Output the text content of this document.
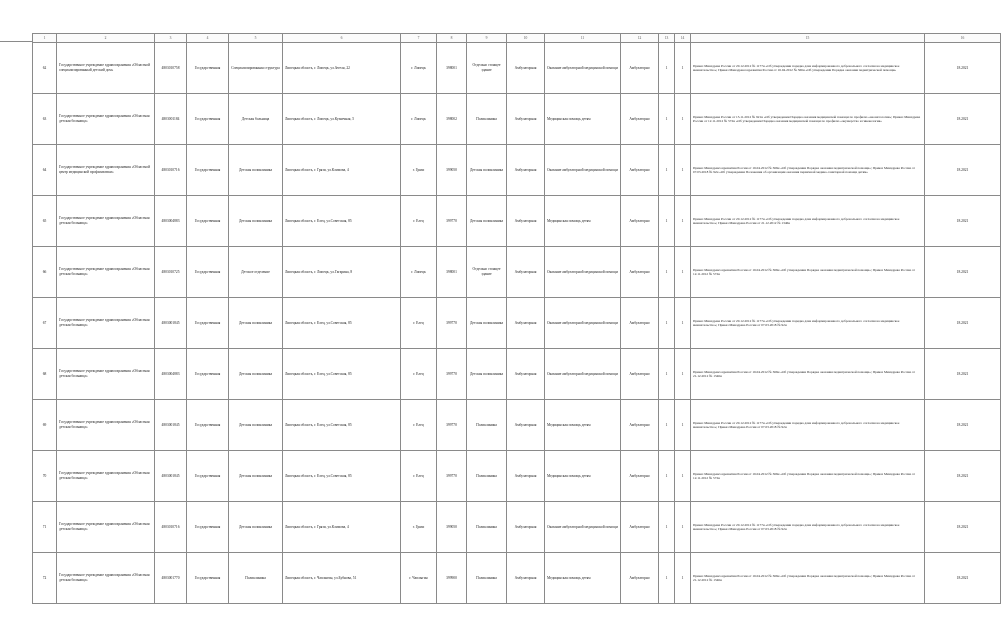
1	2	3	4	5	6	7	8	9	10	11	12	13	14	15	16
62	Государственное учреждение здравоохранения «Областной специализированный детский дом»	4803010758	Государственная	Специализированная структура	Липецкая область, г. Липецк, ул.Зегеля, 22	г. Липецк	398001	Отдельно стоящее здание	Амбулаторная	Оказание амбулаторной медицинской помощи	Амбулаторно	1	1	Приказ Минздрава России от 20.12.2012 № 1177н «Об утверждении порядка дачи информированного добровольного согласия на медицинское вмешательство»; Приказ Минздравсоцразвития России от 16.04.2012 № 366н «Об утверждении Порядка оказания педиатрической помощи»	18.2021
63	Государственное учреждение здравоохранения «Областная детская больница»	4803001184	Государственная	Детская больница	Липецкая область, г. Липецк, ул.Кузнечная, 5	г. Липецк	398002	Поликлиника	Амбулаторная	Медицинская помощь детям	Амбулаторно	1	1	Приказ Минздрава России от 15.11.2012 № 921н «Об утверждении Порядка оказания медицинской помощи по профилю «неонатология»; Приказ Минздрава России от 12.11.2012 № 572н «Об утверждении Порядка оказания медицинской помощи по профилю «акушерство и гинекология»	18.2021
64	Государственное учреждение здравоохранения «Областной центр медицинской профилактики»	4803010716	Государственная	Детская поликлиника	Липецкая область, г. Грязи, ул.Климова, 4	г. Грязи	399050	Детская поликлиника	Амбулаторная	Оказание амбулаторной медицинской помощи	Амбулаторно	1	1	Приказ Минздравсоцразвития России от 16.04.2012 № 366н «Об утверждении Порядка оказания педиатрической помощи»; Приказ Минздрава России от 07.03.2018 № 92н «Об утверждении Положения об организации оказания первичной медико-санитарной помощи детям»	18.2021
65	Государственное учреждение здравоохранения «Областная детская больница»	4803004883	Государственная	Детская поликлиника	Липецкая область, г. Елец, ул.Советская, 85	г. Елец	399770	Детская поликлиника	Амбулаторная	Медицинская помощь детям	Амбулаторно	1	1	Приказ Минздрава России от 20.12.2012 № 1177н «Об утверждении порядка дачи информированного добровольного согласия на медицинское вмешательство»; Приказ Минздрава России от 21.12.2012 № 1346н	18.2021
66	Государственное учреждение здравоохранения «Областная детская больница»	4803010725	Государственная	Детское отделение	Липецкая область, г. Липецк, ул.Гагарина, 8	г. Липецк	398001	Отдельно стоящее здание	Амбулаторная	Оказание амбулаторной медицинской помощи	Амбулаторно	1	1	Приказ Минздравсоцразвития России от 16.04.2012 № 366н «Об утверждении Порядка оказания педиатрической помощи»; Приказ Минздрава России от 12.11.2012 № 572н	18.2021
67	Государственное учреждение здравоохранения «Областная детская больница»	4803001845	Государственная	Детская поликлиника	Липецкая область, г. Елец, ул.Советская, 85	г. Елец	399770	Детская поликлиника	Амбулаторная	Оказание амбулаторной медицинской помощи	Амбулаторно	1	1	Приказ Минздрава России от 20.12.2012 № 1177н «Об утверждении порядка дачи информированного добровольного согласия на медицинское вмешательство»; Приказ Минздрава России от 07.03.2018 № 92н	18.2021
68	Государственное учреждение здравоохранения «Областная детская больница»	4803004883	Государственная	Детская поликлиника	Липецкая область, г. Елец, ул.Советская, 85	г. Елец	399770	Детская поликлиника	Амбулаторная	Оказание амбулаторной медицинской помощи	Амбулаторно	1	1	Приказ Минздравсоцразвития России от 16.04.2012 № 366н «Об утверждении Порядка оказания педиатрической помощи»; Приказ Минздрава России от 21.12.2012 № 1346н	18.2021
69	Государственное учреждение здравоохранения «Областная детская больница»	4803001845	Государственная	Детская поликлиника	Липецкая область, г. Елец, ул.Советская, 85	г. Елец	399770	Поликлиника	Амбулаторная	Медицинская помощь детям	Амбулаторно	1	1	Приказ Минздрава России от 20.12.2012 № 1177н «Об утверждении порядка дачи информированного добровольного согласия на медицинское вмешательство»; Приказ Минздрава России от 07.03.2018 № 92н	18.2021
70	Государственное учреждение здравоохранения «Областная детская больница»	4803001845	Государственная	Детская поликлиника	Липецкая область, г. Елец, ул.Советская, 85	г. Елец	399770	Поликлиника	Амбулаторная	Медицинская помощь детям	Амбулаторно	1	1	Приказ Минздравсоцразвития России от 16.04.2012 № 366н «Об утверждении Порядка оказания педиатрической помощи»; Приказ Минздрава России от 12.11.2012 № 572н	18.2021
71	Государственное учреждение здравоохранения «Областная детская больница»	4803010716	Государственная	Детская поликлиника	Липецкая область, г. Грязи, ул.Климова, 4	г. Грязи	399050	Поликлиника	Амбулаторная	Оказание амбулаторной медицинской помощи	Амбулаторно	1	1	Приказ Минздрава России от 20.12.2012 № 1177н «Об утверждении порядка дачи информированного добровольного согласия на медицинское вмешательство»; Приказ Минздрава России от 07.03.2018 № 92н	18.2021
72	Государственное учреждение здравоохранения «Областная детская больница»	4803001770	Государственная	Поликлиника	Липецкая область, г. Чаплыгин, ул.Бубнова, 51	г. Чаплыгин	399900	Поликлиника	Амбулаторная	Медицинская помощь детям	Амбулаторно	1	1	Приказ Минздравсоцразвития России от 16.04.2012 № 366н «Об утверждении Порядка оказания педиатрической помощи»; Приказ Минздрава России от 21.12.2012 № 1346н	18.2021
